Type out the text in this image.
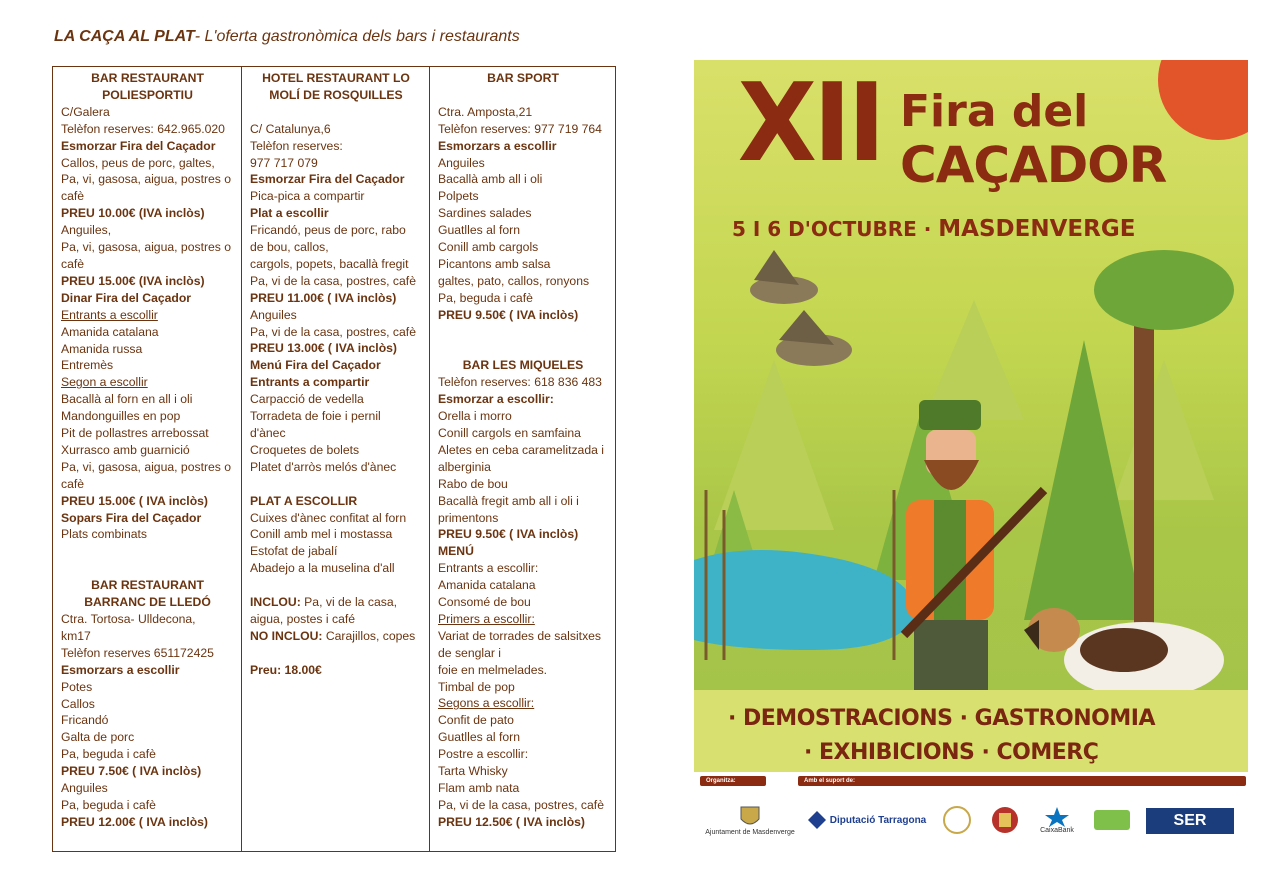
LA CAÇA AL PLAT- L'oferta gastronòmica dels bars i restaurants
BAR RESTAURANT
POLIESPORTIU
C/Galera
Telèfon reserves: 642.965.020
Esmorzar Fira del Caçador
Callos, peus de porc, galtes,
Pa, vi, gasosa, aigua, postres o
cafè
PREU 10.00€ (IVA inclòs)
Anguiles,
Pa, vi, gasosa, aigua, postres o
cafè
PREU 15.00€ (IVA inclòs)
Dinar Fira del Caçador
Entrants a escollir
Amanida catalana
Amanida russa
Entremès
Segon a escollir
Bacallà al forn en all i oli
Mandonguilles en pop
Pit de pollastres arrebossat
Xurrasco amb guarnició
Pa, vi, gasosa, aigua, postres o
cafè
PREU 15.00€ ( IVA inclòs)
Sopars Fira del Caçador
Plats combinats
BAR RESTAURANT
BARRANC DE LLEDÓ
Ctra. Tortosa- Ulldecona,
km17
Telèfon reserves 651172425
Esmorzars a escollir
Potes
Callos
Fricandó
Galta de porc
Pa, beguda i cafè
PREU 7.50€ ( IVA inclòs)
Anguiles
Pa, beguda i cafè
PREU 12.00€ ( IVA inclòs)
HOTEL RESTAURANT LO
MOLÍ DE ROSQUILLES
C/ Catalunya,6
Telèfon reserves:
977 717 079
Esmorzar Fira del Caçador
Pica-pica a compartir
Plat a escollir
Fricandó, peus de porc, rabo
de bou, callos,
cargols, popets, bacallà fregit
Pa, vi de la casa, postres, cafè
PREU 11.00€ ( IVA inclòs)
Anguiles
Pa, vi de la casa, postres, cafè
PREU 13.00€ ( IVA inclòs)
Menú Fira del Caçador
Entrants a compartir
Carpacció de vedella
Torradeta de foie i pernil
d'ànec
Croquetes de bolets
Platet d'arròs melós d'ànec
PLAT A ESCOLLIR
Cuixes d'ànec confitat al forn
Conill amb mel i mostassa
Estofat de jabalí
Abadejo a la muselina d'all
INCLOU: Pa, vi de la casa,
aigua, postes i café
NO INCLOU: Carajillos, copes
Preu: 18.00€
BAR SPORT
Ctra. Amposta,21
Telèfon reserves: 977 719 764
Esmorzars a escollir
Anguiles
Bacallà amb all i oli
Polpets
Sardines salades
Guatlles al forn
Conill amb cargols
Picantons amb salsa
galtes, pato, callos, ronyons
Pa, beguda i cafè
PREU 9.50€ ( IVA inclòs)
BAR LES MIQUELES
Telèfon reserves: 618 836 483
Esmorzar a escollir:
Orella i morro
Conill cargols en samfaina
Aletes en ceba caramelitzada i
alberginia
Rabo de bou
Bacallà fregit amb all i oli i
primentons
PREU 9.50€ ( IVA inclòs)
MENÚ
Entrants a escollir:
Amanida catalana
Consomé de bou
Primers a escollir:
Variat de torrades de salsitxes
de senglar i
foie en melmelades.
Timbal de pop
Segons a escollir:
Confit de pato
Guatlles al forn
Postre a escollir:
Tarta Whisky
Flam amb nata
Pa, vi de la casa, postres, cafè
PREU 12.50€ ( IVA inclòs)
XII Fira del
CAÇADOR
5 I 6 D'OCTUBRE · MASDENVERGE
· DEMOSTRACIONS · GASTRONOMIA
· EXHIBICIONS · COMERÇ
Organitza:	Amb el suport de:
Ajuntament de Masdenverge
Diputació Tarragona
CaixaBank
SER
